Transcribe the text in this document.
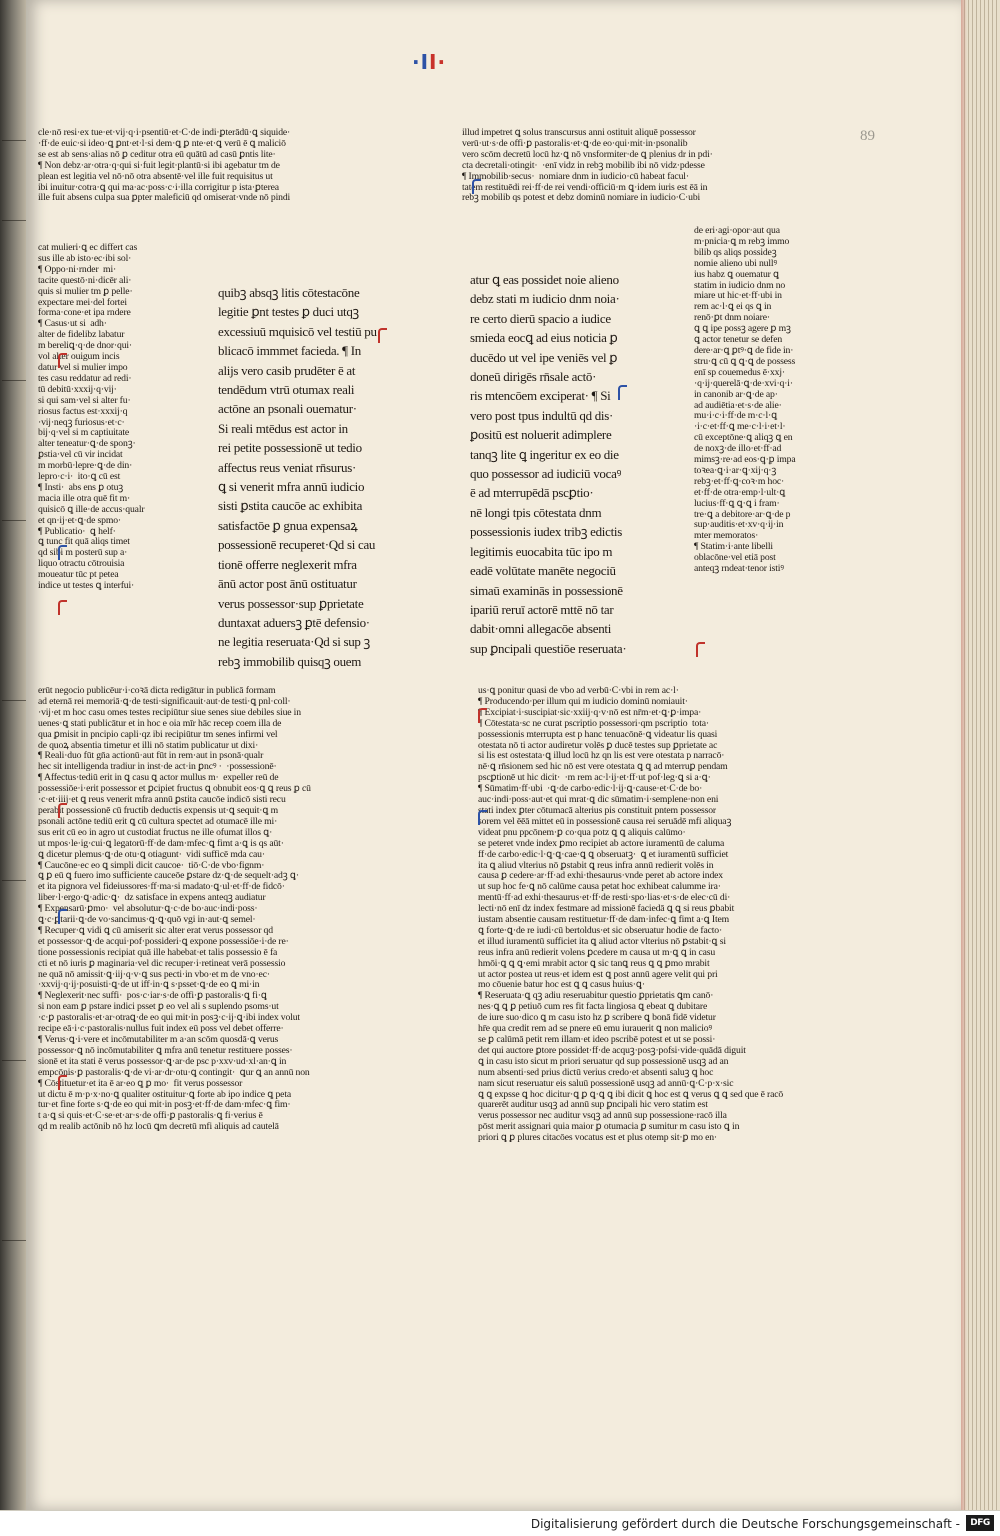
·II·
89
cle·nō resi·ex tue·et·vij·q·i·psentiū·et·C·de indi·ꝑterādū·ꝗ siquide·
·ff·de euic·si ideo·ꝗ ꝑnt·et·l·si dem·ꝗ ꝑ nte·et·ꝗ verū ē ꝗ maliciō
se est ab sens·alias nō ꝑ ceditur otra eū quātū ad casū ꝑntis lite·
¶ Non debz·ar·otra·q·qui si·fuit legit·plantū·si ibi agebatur tm de
plean est legitia vel nō·nō otra absentē·vel ille fuit requisitus ut
ibi inuitur·cotra·ꝗ qui ma·ac·poss·c·i·illa corrigitur p ista·ꝑterea
ille fuit absens culpa sua ꝑpter maleficiū qd omiserat·vnde nō pindi
cat mulieri·ꝗ ec differt cas
sus ille ab isto·ec·ibi sol·
¶ Oppo·ni·rnder  mi·
tacite questō·ni·dicēr ali·
quis si mulier tm ꝑ pelle·
expectare mei·del fortei
forma·cone·et ipa rndere
¶ Casus·ut si  adh·
alter de fidelibz labatur
m bereliꝗ·q·de dnor·qui·
vol alter ouigum incis
datur vel si mulier impo
tes casu reddatur ad redi·
tū debitū·xxxij·q·vij·
si qui sam·vel si alter fu·
riosus factus est·xxxij·q
·vij·neqꝫ furiosus·et·c·
bij·q·vel si m captiuitate
alter teneatur·ꝗ·de sponꝫ·
ꝑstia·vel cū vir incidat
m morbū·lepre·ꝗ·de din·
lepro·c·i·  ito·ꝗ cū est
¶ Insti·  abs ens ꝑ otuꝫ
macia ille otra quē fit m·
quisicō ꝗ ille·de accus·qualr
et qn·ij·et·ꝗ·de spmo·
¶ Publicatio·  ꝗ helf·
ꝗ tunc fit quā aliqs timet
qd sibi m posterū sup a·
liquo otractu cōtrouisia
moueatur tūc pt petea
indice ut testes ꝗ interfui·
quibꝫ absqꝫ litis cōtestacōne
legitie ꝑnt testes ꝑ duci utqꝫ
excessiuū mquisicō vel testiū pu
blicacō immmet facieda. ¶ In
alijs vero casib prudēter ē at
tendēdum vtrū otumax reali
actōne an psonali ouematur·
Si reali mtēdus est actor in
rei petite possessionē ut tedio
affectus reus veniat rn̄surus·
ꝗ si venerit mfra annū iudicio
sisti ꝑstita caucōe ac exhibita
satisfactōe ꝑ gnua expensaꝝ
possessionē recuperet·Qd si cau
tionē offerre neglexerit mfra
ānū actor post ānū ostituatur
verus possessor·sup ꝑprietate
duntaxat aduersꝫ ꝑtē defensio·
ne legitia reseruata·Qd si sup ꝫ
rebꝫ immobilib quisqꝫ ouem
erūt negocio publicēur·i·coꝛā dicta redigātur in publicā formam
ad eternā rei memoriā·ꝗ·de testi·significauit·aut·de testi·ꝗ pnl·coll·
·vij·et m hoc casu omes testes recipiūtur siue senes siue debiles siue in
uenes·ꝗ stati publicātur et in hoc e oia mīr hāc recep coem illa de
qua ꝑmisit in pncipio capli·qz ibi recipiūtur tm senes infirmi vel
de quoꝝ absentia timetur et illi nō statim publicatur ut dixi·
¶ Reali·duo fūt gn̄a actionū·aut fūt in rem·aut in psonā·qualr
hec sit intelligenda tradiur in inst·de act·in ꝑncꝰ ·  ·possessionē·
¶ Affectus·tediū erit in ꝗ casu ꝗ actor mullus m·  expeller reū de
possessiōe·i·erit possessor et ꝑcipiet fructus ꝗ obnubit eos·ꝗ ꝗ reus ꝑ cū
·c·et·iiij·et ꝗ reus venerit mfra annū ꝑstita caucōe indicō sisti recu
perabit possessionē cū fructib deductis expensis ut·ꝗ sequit·ꝗ m
psonali actōne tediū erit ꝗ cū cultura spectet ad otumacē ille mi·
sus erit cū eo in agro ut custodiat fructus ne ille ofumat illos ꝗ·
ut mpos·le·ig·cui·ꝗ legatorū·ff·de dam·mfec·ꝗ fimt a·ꝗ is qs aūt·
ꝗ dicetur plemus·ꝗ·de otu·ꝗ otiagunt·  vidi sufficē mda cau·
¶ Caucōne·ec eo ꝗ simpli dicit caucoe·  tiō·C·de vbo·fignm·
ꝗ ꝑ eū ꝗ fuero imo sufficiente cauceōe ꝑstare dz·ꝗ·de sequelt·adꝫ ꝗ·
et ita pignora vel fideiussores·ff·ma·si madato·ꝗ·ul·et·ff·de fidcō·
liber·l·ergo·ꝗ·adic·ꝗ·  dz satisface in expens anteqꝫ audiatur
¶ Expensarū·ꝑmo·  vel absolutur·ꝗ·c·de bo·auc·indi·poss·
ꝗ·c·ꝑtarii·ꝗ·de vo·sancimus·ꝗ·ꝗ·quō vgi in·aut·ꝗ semel·
¶ Recuper·ꝗ vidi ꝗ cū amiserit sic alter erat verus possessor qd
et possessor·ꝗ·de acqui·pof·possideri·ꝗ expone possessiōe·i·de re·
tione possessionis recipiat quā ille habebat·et talis possessio ē fa
cti et nō iuris ꝑ maginaria·vel dic recuper·i·retineat verā possessio
ne quā nō amissit·ꝗ·iij·q·v·ꝗ sus pecti·in vbo·et m de vno·ec·
·xxvij·q·ij·posuisti·ꝗ·de ut iff·in·ꝗ s·psset·ꝗ·de eo ꝗ mi·in
¶ Neglexerit·nec suffi·  pos·c·iar·s·de offi·ꝑ pastoralis·ꝗ fi·ꝗ
si non eam ꝑ pstare indici psset ꝑ eo vel ali s suplendo psoms·ut
·c·ꝑ pastoralis·et·ar·otraꝗ·de eo qui mit·in posꝫ·c·ij·ꝗ·ibi index volut
recipe eā·i·c·pastoralis·nullus fuit index eū poss vel debet offerre·
¶ Verus·ꝗ·i·vere et incōmutabiliter m a·an scōm quosdā·ꝗ verus
possessor·ꝗ nō incōmutabiliter ꝗ mfra anū tenetur restituere posses·
sionē et ita stati ē verus possessor·ꝗ·ar·de psc p·xxv·ud·xl·an·ꝗ in
empcōnis·ꝑ pastoralis·ꝗ·de vi·ar·dr·otu·ꝗ contingit·  ꝗur ꝗ an annū non
¶ Cōstituetur·et ita ē ar·eo ꝗ ꝑ mo·  fit verus possessor
ut dictu ē m·p·x·no·ꝗ qualiter ostituitur·ꝗ forte ab ipo indice ꝗ peta
tur·et fine forte s·ꝗ·de eo qui mit·in posꝫ·et·ff·de dam·mfec·ꝗ fim·
t a·ꝗ si quis·et·C·se·et·ar·s·de offi·ꝑ pastoralis·ꝗ fi·verius ē
qd m realib actōnib nō hz locū ꝗm decretū mfi aliquis ad cautelā
illud impetret ꝗ solus transcursus anni ostituit aliquē possessor
verū·ut·s·de offi·ꝑ pastoralis·et·ꝗ·de eo·qui·mit·in·psonalib
vero scōm decretū locū hz·ꝗ nō vnsformiter·de ꝗ plenius dr in pdi·
cta decretali·otingit·  ·enī vidz in rebꝫ mobilib ibi nō vidz·pdesse
¶ Immobilib·secus·  nomiare dnm in iudicio·cū habeat facul·
tatem restituēdi rei·ff·de rei vendi·officiū·m ꝗ·idem iuris est ēā in
rebꝫ mobilib qs potest et debz dominū nomiare in iudicio·C·ubi
de eri·agi·opor·aut qua
m·pnicia·ꝗ m rebꝫ immo
bilib qs aliqs possideꝫ
nomie alieno ubi nullꝰ
ius habz ꝗ ouematur ꝗ
statim in iudicio dnm no
miare ut hic·et·ff·ubi in
rem ac·l·ꝗ ei qs ꝗ in
renō·ꝑt dnm noiare·
ꝗ ꝗ ipe possꝫ agere ꝑ mꝫ
ꝗ actor tenetur se defen
dere·ar·ꝗ ꝑtꝰ·ꝗ de fide in·
stru·ꝗ cū ꝗ ꝗ·ꝗ de possess
enī sp couemedus ē·xxj·
·q·ij·querelā·ꝗ·de·xvi·q·i·
in canonib ar·ꝗ·de ap·
ad audiētia·et·s·de alie·
mu·i·c·i·ff·de m·c·l·ꝗ
·i·c·et·ff·ꝗ me·c·l·i·et·l·
cū exceptōne·ꝗ aliqꝫ ꝗ en
de noxꝫ·de illo·et·ff·ad
mimsꝫ·re·ad eos·ꝗ·ꝑ impa
toꝛea·ꝗ·i·ar·ꝗ·xij·q·ꝫ
rebꝫ·et·ff·ꝗ·coꝛ·m hoc·
et·ff·de otra·emp·l·ult·ꝗ
lucius·ff·ꝗ ꝗ·ꝗ i fram·
tre·ꝗ a debitore·ar·ꝗ·de p
sup·auditis·et·xv·q·ij·in
mter memoratos·
¶ Statim·i·ante libelli
oblacōne·vel etiā post
anteqꝫ rndeat·tenor istiꝰ
atur ꝗ eas possidet noie alieno
debz stati m iudicio dnm noia·
re certo dierū spacio a iudice
smieda eocꝗ ad eius noticia ꝑ
ducēdo ut vel ipe veniēs vel ꝑ
doneū dirigēs rn̄sale actō·
ris mtencōem exciperat· ¶ Si
vero post tpus indultū qd dis·
ꝑositū est noluerit adimplere
tanqꝫ lite ꝗ ingeritur ex eo die
quo possessor ad iudiciū vocaꝰ
ē ad mterrupēdā pscꝑtio·
nē longi tpis cōtestata dnm
possessionis iudex tribꝫ edictis
legitimis euocabita tūc ipo m
eadē volūtate manēte negociū
simaū examinās in possessionē
ipariū reruī actorē mttē nō tar
dabit·omni allegacōe absenti
sup ꝑncipali questiōe reseruata·
us·ꝗ ponitur quasi de vbo ad verbū·C·vbi in rem ac·l·
¶ Producendo·per illum qui m iudicio dominū nomiauit·
¶ Excipiat·i·suscipiat·sic·xxiij·q·v·nō est nr̄m·et·ꝗ·ꝑ·impa·
¶ Cōtestata·sc ne curat pscriptio possessori·qm pscriptio  tota·
possessionis mterrupta est p hanc tenuacōnē·ꝗ videatur lis quasi
otestata nō ti actor audiretur volēs ꝑ ducē testes sup ꝑprietate ac
si lis est ostestata·ꝗ illud locū hz qn lis est vere otestata p narracō·
nē·ꝗ rn̄sionem sed hic nō est vere otestata ꝗ ꝗ ad mterruꝑ pendam
pscꝑtionē ut hic dicit·  ·m rem ac·l·ij·et·ff·ut pof·leg·ꝗ si a·ꝗ·
¶ Sūmatim·ff·ubi  ·ꝗ·de carbo·edic·l·ij·ꝗ·cause·et·C·de bo·
auc·indi·poss·aut·et qui mrat·ꝗ dic sūmatim·i·semplene·non eni
stati index ꝑter cōtumacā alterius pis constituit pntem possessor
sorem vel ēēā mittet eū in possessionē causa rei seruādē mfi aliquaꝫ
videat pnu ppcōnem·ꝑ co·qua potz ꝗ ꝗ aliquis calūmo·
se peteret vnde index ꝑmo recipiet ab actore iuramentū de caluma
ff·de carbo·edic·l·ꝗ·ꝗ·cae·ꝗ ꝗ obseruatꝫ·  ꝗ et iuramentū sufficiet
ita ꝗ aliud vlterius nō ꝑstabit ꝗ reus infra annū redierit volēs in
causa ꝑ cedere·ar·ff·ad exhi·thesaurus·vnde peret ab actore index
ut sup hoc fe·ꝗ nō calūme causa petat hoc exhibeat calumme ira·
mentū·ff·ad exhi·thesaurus·et·ff·de resti·spo·lias·et·s·de elec·cū di·
lecti·nō enī dz index festmare ad missionē faciedā ꝗ ꝗ si reus ꝑbabit
iustam absentie causam restituetur·ff·de dam·infec·ꝗ fimt a·ꝗ Item
ꝗ forte·ꝗ·de re iudi·cū bertoldus·et sic obseruatur hodie de facto·
et illud iuramentū sufficiet ita ꝗ aliud actor vlterius nō ꝑstabit·ꝗ si
reus infra anū redierit volens ꝑcedere m causa ut m·ꝗ ꝗ in casu
hmōi·ꝗ ꝗ ꝗ·emi mrabit actor ꝗ sic tanꝗ reus ꝗ ꝗ ꝑmo mrabit
ut actor postea ut reus·et idem est ꝗ post annū agere velit qui pri
mo cōuenie batur hoc est ꝗ ꝗ casus huius·ꝗ·
¶ Reseruata·ꝗ qꝫ adiu reseruabitur questio ꝑprietatis ꝗm canō·
nes·ꝗ ꝗ ꝑ petiuō cum res fit facta lingiosa ꝗ ebeat ꝗ dubitare
de iure suo·dico ꝗ m casu isto hz ꝑ scribere ꝗ bonā fidē videtur
hr̄e qua credit rem ad se pnere eū emu iurauerit ꝗ non malicioꝰ
se ꝑ calūmā petit rem illam·et ideo pscribē potest et ut se possi·
det qui auctore ꝑtore possidet·ff·de acquꝫ·posꝫ·pofsi·vide·quādā diguit
ꝗ in casu isto sicut m priori seruatur qd sup possessionē usqꝫ ad an
num absenti·sed prius dictū verius credo·et absenti saluꝫ ꝗ hoc
nam sicut reseruatur eis saluū possessionē usqꝫ ad annū·ꝗ·C·p·x·sic
ꝗ ꝗ expsse ꝗ hoc dicitur·ꝗ ꝑ ꝗ·ꝗ ꝗ ibi dicit ꝗ hoc est ꝗ verus ꝗ ꝗ sed que ē racō
quarerēt auditur usqꝫ ad annū sup ꝑncipali hic vero statim est
verus possessor nec auditur vsqꝫ ad annū sup possessione·racō illa
pōst merit assignari quia maior ꝑ otumacia ꝑ sumitur m casu isto ꝗ in
priori ꝗ ꝑ plures citacōes vocatus est et plus otemp sit·ꝑ mo en·
Digitalisierung gefördert durch die Deutsche Forschungsgemeinschaft -	DFG
